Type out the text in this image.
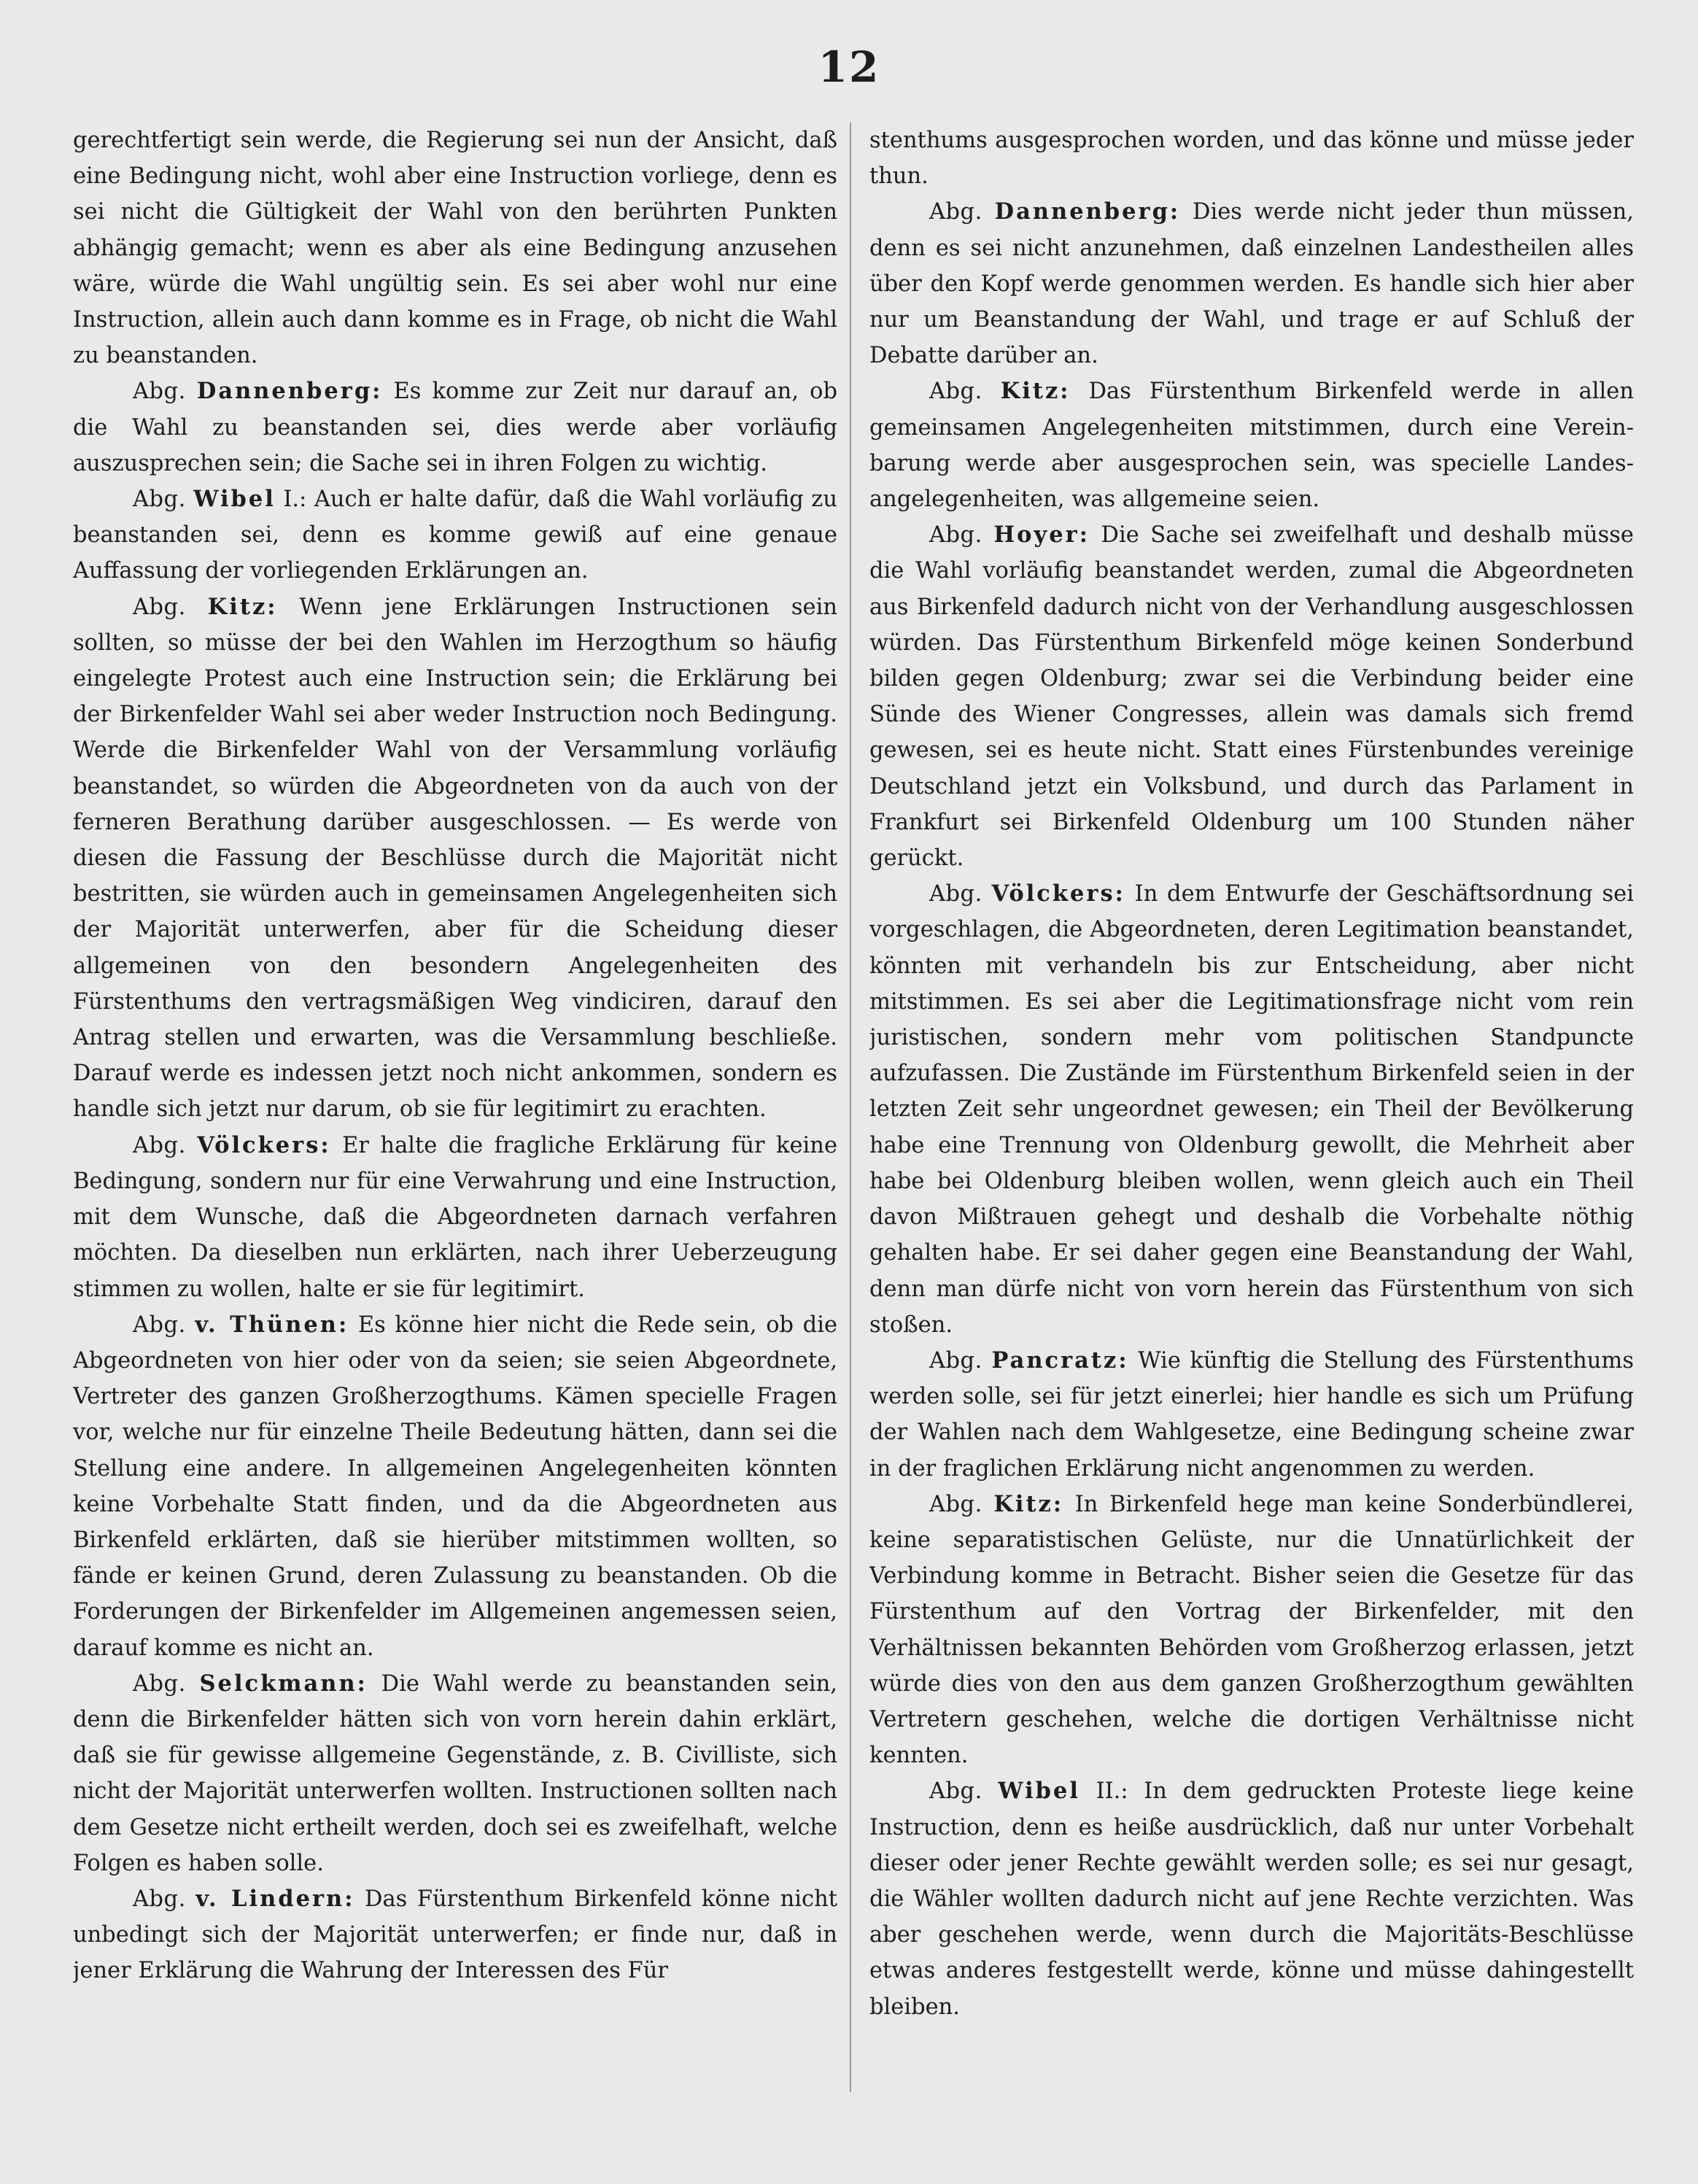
12

gerechtfertigt sein werde, die Regierung sei nun der Ansicht, daß eine Bedingung nicht, wohl aber eine Instruction vorliege, denn es sei nicht die Gültigkeit der Wahl von den berührten Punkten abhängig gemacht; wenn es aber als eine Bedingung anzusehen wäre, würde die Wahl ungültig sein. Es sei aber wohl nur eine Instruction, allein auch dann komme es in Frage, ob nicht die Wahl zu beanstanden.

Abg. Dannenberg: Es komme zur Zeit nur darauf an, ob die Wahl zu beanstanden sei, dies werde aber vorläufig auszusprechen sein; die Sache sei in ihren Folgen zu wichtig.

Abg. Wibel I.: Auch er halte dafür, daß die Wahl vorläufig zu beanstanden sei, denn es komme gewiß auf eine genaue Auffassung der vorliegenden Erklärungen an.

Abg. Kitz: Wenn jene Erklärungen Instructionen sein sollten, so müsse der bei den Wahlen im Herzogthum so häufig eingelegte Protest auch eine Instruction sein; die Erklärung bei der Birkenfelder Wahl sei aber weder Instruction noch Bedingung. Werde die Birkenfelder Wahl von der Versammlung vorläufig beanstandet, so würden die Abgeordneten von da auch von der ferneren Berathung darüber ausgeschlossen. — Es werde von diesen die Fassung der Beschlüsse durch die Majorität nicht bestritten, sie würden auch in gemeinsamen Angelegenheiten sich der Majorität unterwerfen, aber für die Scheidung dieser allgemeinen von den besondern Angelegenheiten des Fürstenthums den vertragsmäßigen Weg vindiciren, darauf den Antrag stellen und erwarten, was die Versammlung beschließe. Darauf werde es indessen jetzt noch nicht ankommen, sondern es handle sich jetzt nur darum, ob sie für legitimirt zu erachten.

Abg. Völckers: Er halte die fragliche Erklärung für keine Bedingung, sondern nur für eine Verwahrung und eine Instruction, mit dem Wunsche, daß die Abgeordneten darnach verfahren möchten. Da dieselben nun erklärten, nach ihrer Ueberzeugung stimmen zu wollen, halte er sie für legitimirt.

Abg. v. Thünen: Es könne hier nicht die Rede sein, ob die Abgeordneten von hier oder von da seien; sie seien Abgeordnete, Vertreter des ganzen Großherzogthums. Kämen specielle Fragen vor, welche nur für einzelne Theile Bedeutung hätten, dann sei die Stellung eine andere. In allgemeinen Angelegenheiten könnten keine Vorbehalte Statt finden, und da die Abgeordneten aus Birkenfeld erklärten, daß sie hierüber mitstimmen wollten, so fände er keinen Grund, deren Zulassung zu beanstanden. Ob die Forderungen der Birkenfelder im Allgemeinen angemessen seien, darauf komme es nicht an.

Abg. Selckmann: Die Wahl werde zu beanstanden sein, denn die Birkenfelder hätten sich von vorn herein dahin erklärt, daß sie für gewisse allgemeine Gegenstände, z. B. Civilliste, sich nicht der Majorität unterwerfen wollten. Instructionen sollten nach dem Gesetze nicht ertheilt werden, doch sei es zweifelhaft, welche Folgen es haben solle.

Abg. v. Lindern: Das Fürstenthum Birkenfeld könne nicht unbedingt sich der Majorität unterwerfen; er finde nur, daß in jener Erklärung die Wahrung der Interessen des Für

stenthums ausgesprochen worden, und das könne und müsse jeder thun.

Abg. Dannenberg: Dies werde nicht jeder thun müssen, denn es sei nicht anzunehmen, daß einzelnen Landestheilen alles über den Kopf werde genommen werden. Es handle sich hier aber nur um Beanstandung der Wahl, und trage er auf Schluß der Debatte darüber an.

Abg. Kitz: Das Fürstenthum Birkenfeld werde in allen gemeinsamen Angelegenheiten mitstimmen, durch eine Vereinbarung werde aber ausgesprochen sein, was specielle Landesangelegenheiten, was allgemeine seien.

Abg. Hoyer: Die Sache sei zweifelhaft und deshalb müsse die Wahl vorläufig beanstandet werden, zumal die Abgeordneten aus Birkenfeld dadurch nicht von der Verhandlung ausgeschlossen würden. Das Fürstenthum Birkenfeld möge keinen Sonderbund bilden gegen Oldenburg; zwar sei die Verbindung beider eine Sünde des Wiener Congresses, allein was damals sich fremd gewesen, sei es heute nicht. Statt eines Fürstenbundes vereinige Deutschland jetzt ein Volksbund, und durch das Parlament in Frankfurt sei Birkenfeld Oldenburg um 100 Stunden näher gerückt.

Abg. Völckers: In dem Entwurfe der Geschäftsordnung sei vorgeschlagen, die Abgeordneten, deren Legitimation beanstandet, könnten mit verhandeln bis zur Entscheidung, aber nicht mitstimmen. Es sei aber die Legitimationsfrage nicht vom rein juristischen, sondern mehr vom politischen Standpuncte aufzufassen. Die Zustände im Fürstenthum Birkenfeld seien in der letzten Zeit sehr ungeordnet gewesen; ein Theil der Bevölkerung habe eine Trennung von Oldenburg gewollt, die Mehrheit aber habe bei Oldenburg bleiben wollen, wenn gleich auch ein Theil davon Mißtrauen gehegt und deshalb die Vorbehalte nöthig gehalten habe. Er sei daher gegen eine Beanstandung der Wahl, denn man dürfe nicht von vorn herein das Fürstenthum von sich stoßen.

Abg. Pancratz: Wie künftig die Stellung des Fürstenthums werden solle, sei für jetzt einerlei; hier handle es sich um Prüfung der Wahlen nach dem Wahlgesetze, eine Bedingung scheine zwar in der fraglichen Erklärung nicht angenommen zu werden.

Abg. Kitz: In Birkenfeld hege man keine Sonderbündlerei, keine separatistischen Gelüste, nur die Unnatürlichkeit der Verbindung komme in Betracht. Bisher seien die Gesetze für das Fürstenthum auf den Vortrag der Birkenfelder, mit den Verhältnissen bekannten Behörden vom Großherzog erlassen, jetzt würde dies von den aus dem ganzen Großherzogthum gewählten Vertretern geschehen, welche die dortigen Verhältnisse nicht kennten.

Abg. Wibel II.: In dem gedruckten Proteste liege keine Instruction, denn es heiße ausdrücklich, daß nur unter Vorbehalt dieser oder jener Rechte gewählt werden solle; es sei nur gesagt, die Wähler wollten dadurch nicht auf jene Rechte verzichten. Was aber geschehen werde, wenn durch die Majoritäts-Beschlüsse etwas anderes festgestellt werde, könne und müsse dahingestellt bleiben.
